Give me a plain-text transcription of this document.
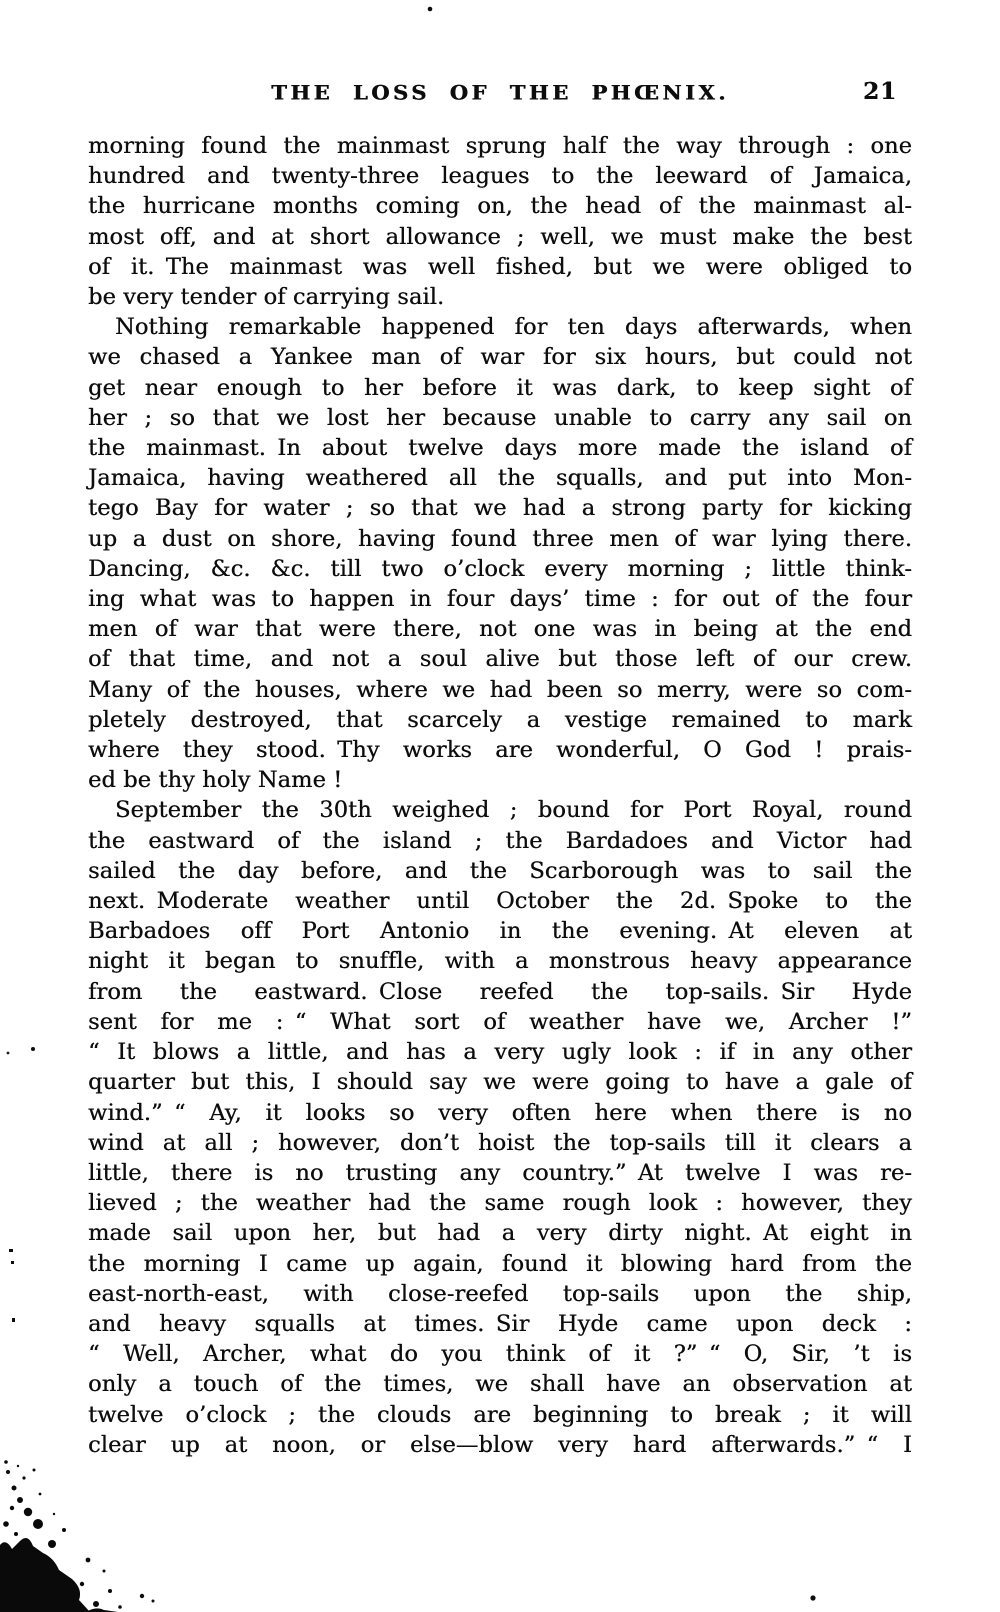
THE LOSS OF THE PHŒNIX.	21
morning found the mainmast sprung half the way through : one
hundred and twenty-three leagues to the leeward of Jamaica,
the hurricane months coming on, the head of the mainmast al-
most off, and at short allowance ; well, we must make the best
of it. The mainmast was well fished, but we were obliged to
be very tender of carrying sail.
Nothing remarkable happened for ten days afterwards, when
we chased a Yankee man of war for six hours, but could not
get near enough to her before it was dark, to keep sight of
her ; so that we lost her because unable to carry any sail on
the mainmast. In about twelve days more made the island of
Jamaica, having weathered all the squalls, and put into Mon-
tego Bay for water ; so that we had a strong party for kicking
up a dust on shore, having found three men of war lying there.
Dancing, &c. &c. till two o’clock every morning ; little think-
ing what was to happen in four days’ time : for out of the four
men of war that were there, not one was in being at the end
of that time, and not a soul alive but those left of our crew.
Many of the houses, where we had been so merry, were so com-
pletely destroyed, that scarcely a vestige remained to mark
where they stood. Thy works are wonderful, O God ! prais-
ed be thy holy Name !
September the 30th weighed ; bound for Port Royal, round
the eastward of the island ; the Bardadoes and Victor had
sailed the day before, and the Scarborough was to sail the
next. Moderate weather until October the 2d. Spoke to the
Barbadoes off Port Antonio in the evening. At eleven at
night it began to snuffle, with a monstrous heavy appearance
from the eastward. Close reefed the top-sails. Sir Hyde
sent for me : “ What sort of weather have we, Archer !”
“ It blows a little, and has a very ugly look : if in any other
quarter but this, I should say we were going to have a gale of
wind.” “ Ay, it looks so very often here when there is no
wind at all ; however, don’t hoist the top-sails till it clears a
little, there is no trusting any country.” At twelve I was re-
lieved ; the weather had the same rough look : however, they
made sail upon her, but had a very dirty night. At eight in
the morning I came up again, found it blowing hard from the
east-north-east, with close-reefed top-sails upon the ship,
and heavy squalls at times. Sir Hyde came upon deck :
“ Well, Archer, what do you think of it ?” “ O, Sir, ’t is
only a touch of the times, we shall have an observation at
twelve o’clock ; the clouds are beginning to break ; it will
clear up at noon, or else—blow very hard afterwards.” “ I
